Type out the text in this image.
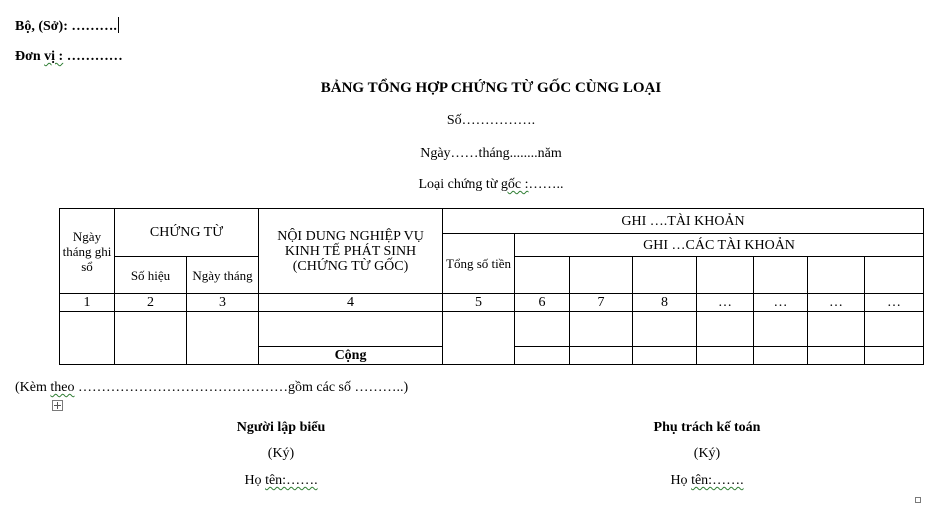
Bộ, (Sở): ……….
Đơn vị : …………
BẢNG TỔNG HỢP CHỨNG TỪ GỐC CÙNG LOẠI
Số…………….
Ngày……tháng........năm
Loại chứng từ gốc :……..
Ngày tháng ghi sổ	CHỨNG TỪ		NỘI DUNG NGHIỆP VỤ KINH TẾ PHÁT SINH (CHỨNG TỪ GỐC)	GHI ….TÀI KHOẢN							
				Tổng số tiền	GHI …CÁC TÀI KHOẢN						
	Số hiệu	Ngày tháng									
1	2	3	4	5	6	7	8	…	…	…	…

			Cộng								
(Kèm theo ………………………………………gồm các số ………..)
Người lập biểu
(Ký)
Họ tên:…….
Phụ trách kế toán
(Ký)
Họ tên:…….
